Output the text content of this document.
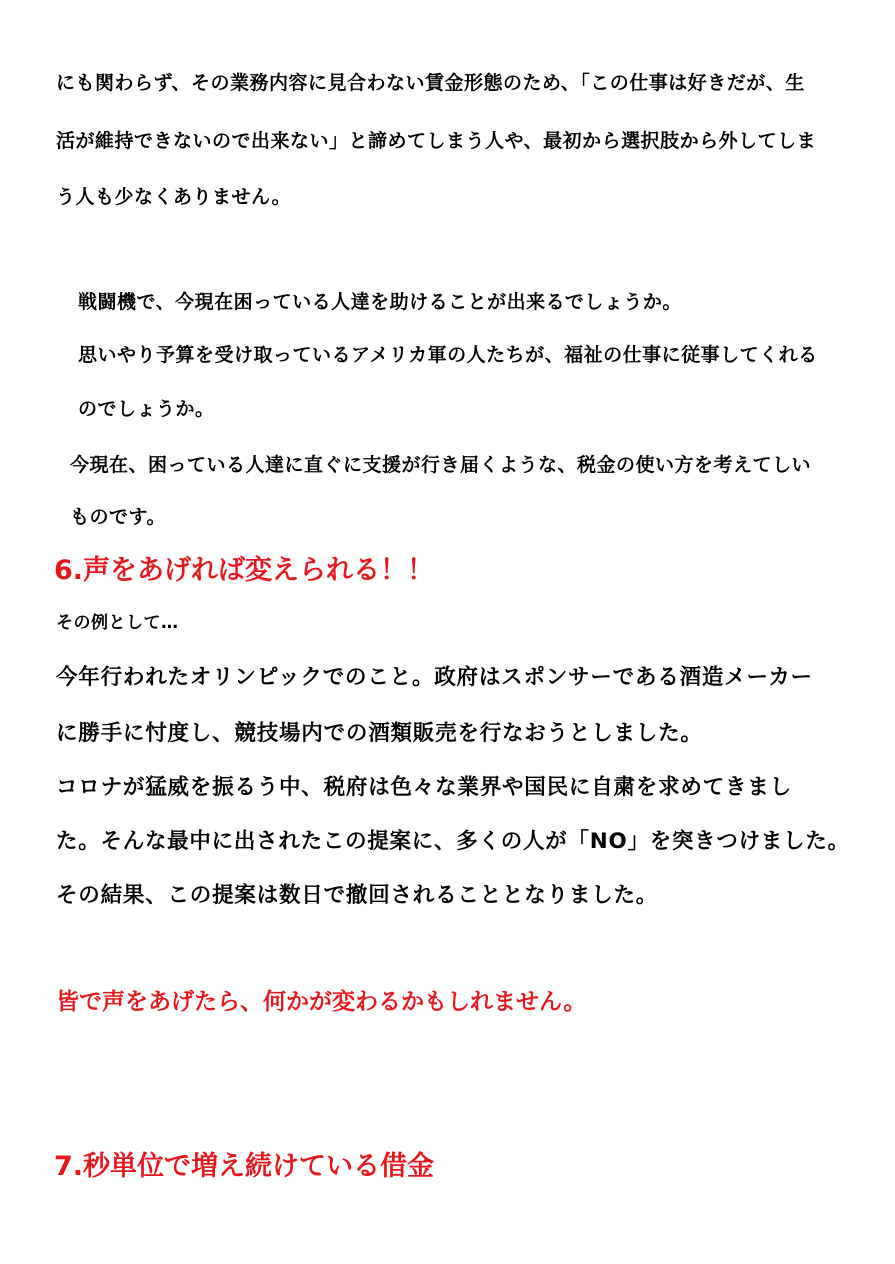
にも関わらず、その業務内容に見合わない賃金形態のため、「この仕事は好きだが、生
活が維持できないので出来ない」と諦めてしまう人や、最初から選択肢から外してしま
う人も少なくありません。
戦闘機で、今現在困っている人達を助けることが出来るでしょうか。
思いやり予算を受け取っているアメリカ軍の人たちが、福祉の仕事に従事してくれる
のでしょうか。
今現在、困っている人達に直ぐに支援が行き届くような、税金の使い方を考えてしい
ものです。
6.声をあげれば変えられる！！
その例として…
今年行われたオリンピックでのこと。政府はスポンサーである酒造メーカー
に勝手に忖度し、競技場内での酒類販売を行なおうとしました。
コロナが猛威を振るう中、税府は色々な業界や国民に自粛を求めてきまし
た。そんな最中に出されたこの提案に、多くの人が「NO」を突きつけました。
その結果、この提案は数日で撤回されることとなりました。
皆で声をあげたら、何かが変わるかもしれません。
7.秒単位で増え続けている借金
